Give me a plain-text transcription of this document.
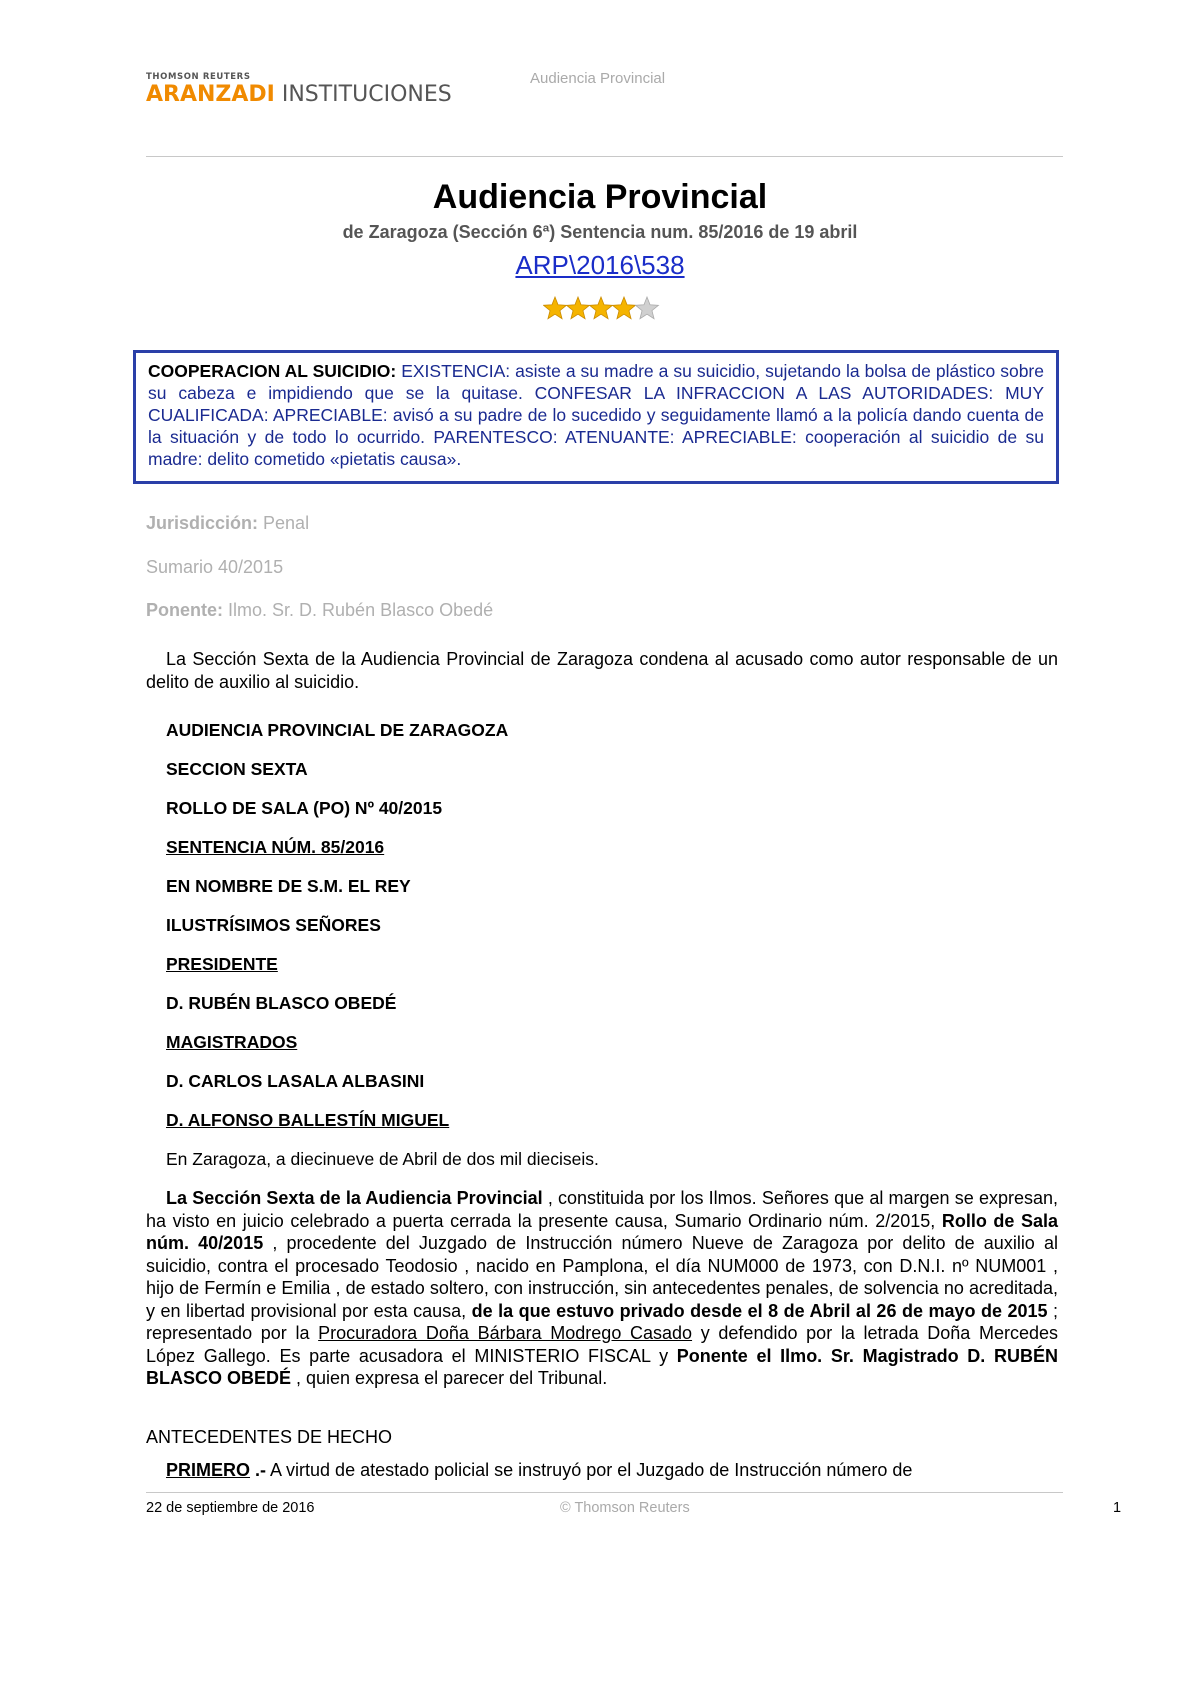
THOMSON REUTERS
ARANZADI INSTITUCIONES
Audiencia Provincial
Audiencia Provincial
de Zaragoza (Sección 6ª) Sentencia num. 85/2016 de 19 abril
ARP\2016\538
COOPERACION AL SUICIDIO: EXISTENCIA: asiste a su madre a su suicidio, sujetando la bolsa de plástico sobre su cabeza e impidiendo que se la quitase. CONFESAR LA INFRACCION A LAS AUTORIDADES: MUY CUALIFICADA: APRECIABLE: avisó a su padre de lo sucedido y seguidamente llamó a la policía dando cuenta de la situación y de todo lo ocurrido. PARENTESCO: ATENUANTE: APRECIABLE: cooperación al suicidio de su madre: delito cometido «pietatis causa».
Jurisdicción: Penal
Sumario 40/2015
Ponente: Ilmo. Sr. D. Rubén Blasco Obedé
La Sección Sexta de la Audiencia Provincial de Zaragoza condena al acusado como autor responsable de un delito de auxilio al suicidio.
AUDIENCIA PROVINCIAL DE ZARAGOZA
SECCION SEXTA
ROLLO DE SALA (PO) Nº 40/2015
SENTENCIA NÚM. 85/2016
EN NOMBRE DE S.M. EL REY
ILUSTRÍSIMOS SEÑORES
PRESIDENTE
D. RUBÉN BLASCO OBEDÉ
MAGISTRADOS
D. CARLOS LASALA ALBASINI
D. ALFONSO BALLESTÍN MIGUEL
En Zaragoza, a diecinueve de Abril de dos mil dieciseis.
La Sección Sexta de la Audiencia Provincial , constituida por los Ilmos. Señores que al margen se expresan, ha visto en juicio celebrado a puerta cerrada la presente causa, Sumario Ordinario núm. 2/2015, Rollo de Sala núm. 40/2015 , procedente del Juzgado de Instrucción número Nueve de Zaragoza por delito de auxilio al suicidio, contra el procesado Teodosio , nacido en Pamplona, el día NUM000 de 1973, con D.N.I. nº NUM001 , hijo de Fermín e Emilia , de estado soltero, con instrucción, sin antecedentes penales, de solvencia no acreditada, y en libertad provisional por esta causa, de la que estuvo privado desde el 8 de Abril al 26 de mayo de 2015 ; representado por la Procuradora Doña Bárbara Modrego Casado y defendido por la letrada Doña Mercedes López Gallego. Es parte acusadora el MINISTERIO FISCAL y Ponente el Ilmo. Sr. Magistrado D. RUBÉN BLASCO OBEDÉ , quien expresa el parecer del Tribunal.
ANTECEDENTES DE HECHO
PRIMERO .- A virtud de atestado policial se instruyó por el Juzgado de Instrucción número de
22 de septiembre de 2016	© Thomson Reuters	1
